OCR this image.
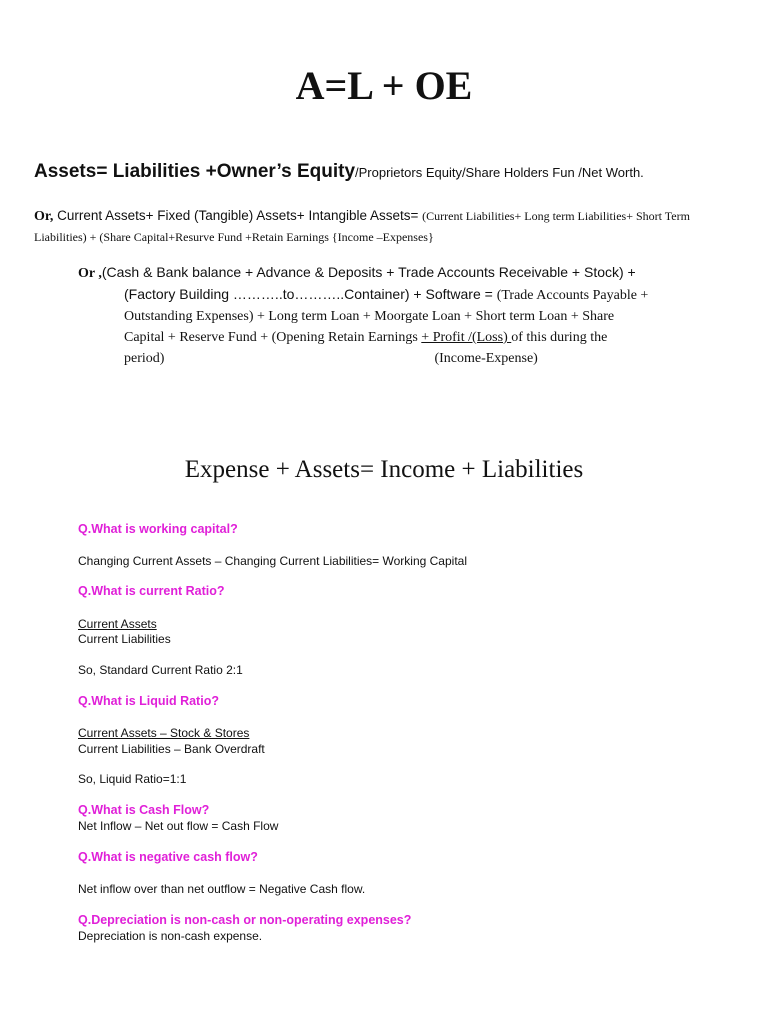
A=L + OE
Assets= Liabilities +Owner’s Equity/Proprietors Equity/Share Holders Fun /Net Worth.
Or, Current Assets+ Fixed (Tangible) Assets+ Intangible Assets= (Current Liabilities+ Long term Liabilities+ Short Term Liabilities) + (Share Capital+Resurve Fund +Retain Earnings {Income –Expenses}
Or ,(Cash & Bank balance + Advance & Deposits + Trade Accounts Receivable + Stock) +
(Factory Building ………..to………..Container) + Software = (Trade Accounts Payable +
Outstanding Expenses) + Long term Loan + Moorgate Loan + Short term Loan + Share
Capital + Reserve Fund + (Opening Retain Earnings + Profit /(Loss) of this during the
period)	(Income-Expense)
Expense + Assets= Income + Liabilities
Q.What is working capital?
Changing Current Assets – Changing Current Liabilities= Working Capital
Q.What is current Ratio?
Current Assets
Current Liabilities
So, Standard Current Ratio 2:1
Q.What is Liquid Ratio?
Current Assets – Stock & Stores
Current Liabilities – Bank Overdraft
So, Liquid Ratio=1:1
Q.What is Cash Flow?
Net Inflow – Net out flow = Cash Flow
Q.What is negative cash flow?
Net inflow over than net outflow = Negative Cash flow.
Q.Depreciation is non-cash or non-operating expenses?
Depreciation is non-cash expense.
